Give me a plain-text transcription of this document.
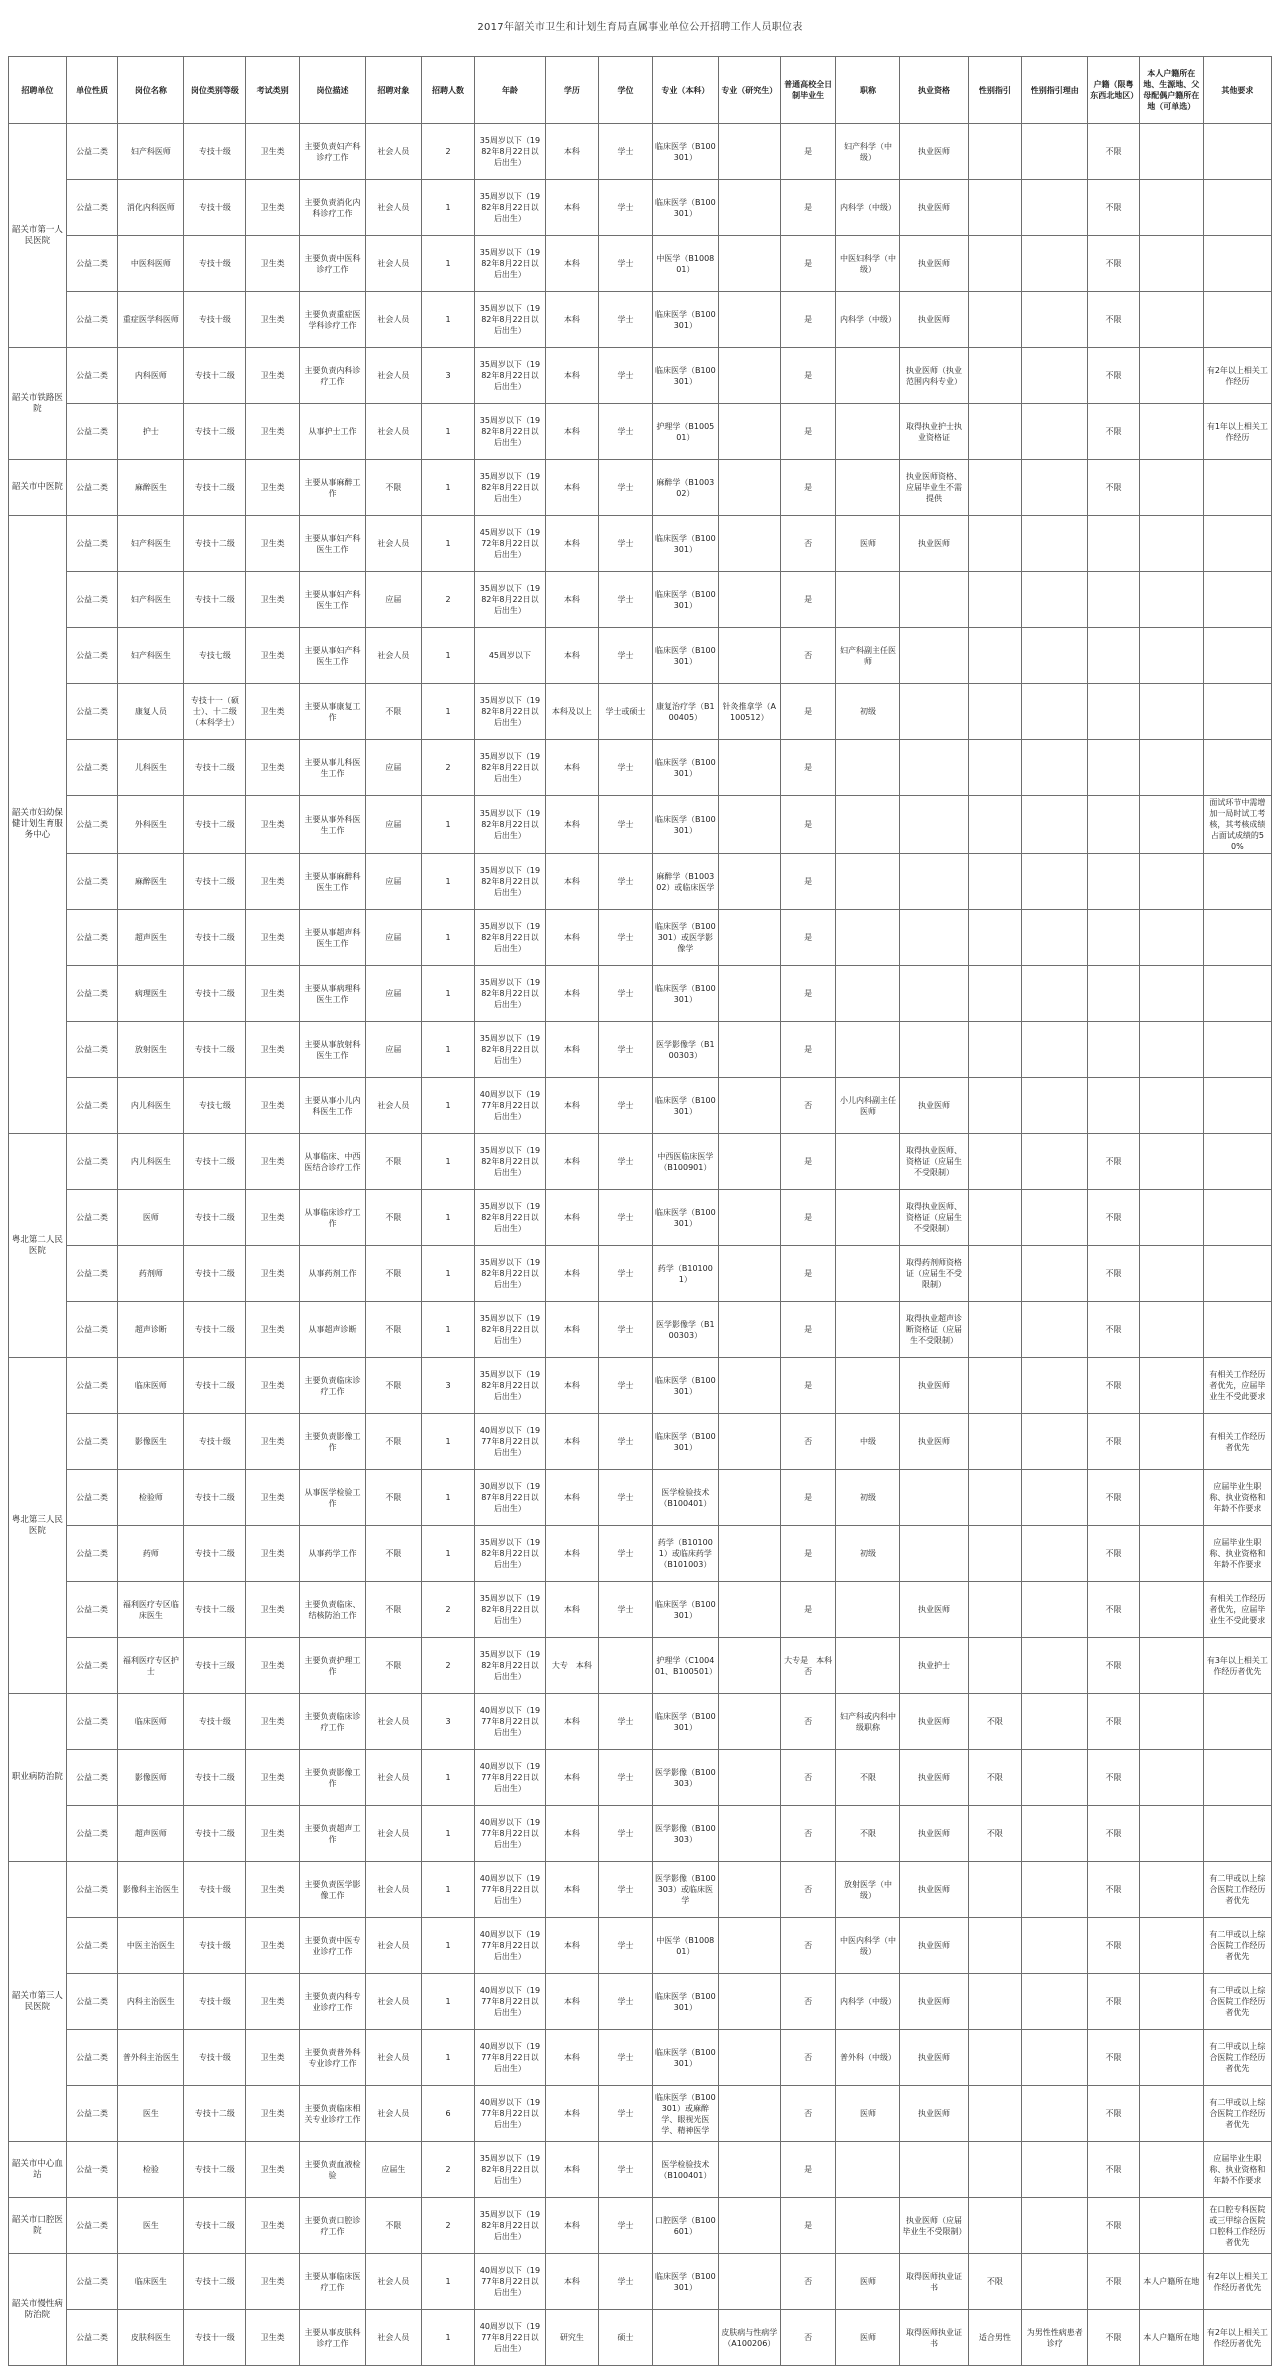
2017年韶关市卫生和计划生育局直属事业单位公开招聘工作人员职位表
招聘单位	单位性质	岗位名称	岗位类别等级	考试类别	岗位描述	招聘对象	招聘人数	年龄	学历	学位	专业（本科）	专业（研究生）	普通高校全日制毕业生	职称	执业资格	性别指引	性别指引理由	户籍（限粤东西北地区）	本人户籍所在地、生源地、父母配偶户籍所在地（可单选）	其他要求
韶关市第一人民医院	公益二类	妇产科医师	专技十级	卫生类	主要负责妇产科诊疗工作	社会人员	2	35周岁以下（1982年8月22日以后出生）	本科	学士	临床医学（B100301）		是	妇产科学（中级）	执业医师			不限		
	公益二类	消化内科医师	专技十级	卫生类	主要负责消化内科诊疗工作	社会人员	1	35周岁以下（1982年8月22日以后出生）	本科	学士	临床医学（B100301）		是	内科学（中级）	执业医师			不限		
	公益二类	中医科医师	专技十级	卫生类	主要负责中医科诊疗工作	社会人员	1	35周岁以下（1982年8月22日以后出生）	本科	学士	中医学（B100801）		是	中医妇科学（中级）	执业医师			不限		
	公益二类	重症医学科医师	专技十级	卫生类	主要负责重症医学科诊疗工作	社会人员	1	35周岁以下（1982年8月22日以后出生）	本科	学士	临床医学（B100301）		是	内科学（中级）	执业医师			不限		
韶关市铁路医院	公益二类	内科医师	专技十二级	卫生类	主要负责内科诊疗工作	社会人员	3	35周岁以下（1982年8月22日以后出生）	本科	学士	临床医学（B100301）		是		执业医师（执业范围内科专业）			不限		有2年以上相关工作经历
	公益二类	护士	专技十二级	卫生类	从事护士工作	社会人员	1	35周岁以下（1982年8月22日以后出生）	本科	学士	护理学（B100501）		是		取得执业护士执业资格证			不限		有1年以上相关工作经历
韶关市中医院	公益二类	麻醉医生	专技十二级	卫生类	主要从事麻醉工作	不限	1	35周岁以下（1982年8月22日以后出生）	本科	学士	麻醉学（B100302）		是		执业医师资格、应届毕业生不需提供			不限		
韶关市妇幼保健计划生育服务中心	公益二类	妇产科医生	专技十二级	卫生类	主要从事妇产科医生工作	社会人员	1	45周岁以下（1972年8月22日以后出生）	本科	学士	临床医学（B100301）		否	医师	执业医师					
	公益二类	妇产科医生	专技十二级	卫生类	主要从事妇产科医生工作	应届	2	35周岁以下（1982年8月22日以后出生）	本科	学士	临床医学（B100301）		是							
	公益二类	妇产科医生	专技七级	卫生类	主要从事妇产科医生工作	社会人员	1	45周岁以下	本科	学士	临床医学（B100301）		否	妇产科副主任医师						
	公益二类	康复人员	专技十一（硕士）、十二级（本科学士）	卫生类	主要从事康复工作	不限	1	35周岁以下（1982年8月22日以后出生）	本科及以上	学士或硕士	康复治疗学（B100405）	针灸推拿学（A100512）	是	初级						
	公益二类	儿科医生	专技十二级	卫生类	主要从事儿科医生工作	应届	2	35周岁以下（1982年8月22日以后出生）	本科	学士	临床医学（B100301）		是							
	公益二类	外科医生	专技十二级	卫生类	主要从事外科医生工作	应届	1	35周岁以下（1982年8月22日以后出生）	本科	学士	临床医学（B100301）		是							面试环节中需增加一局时试工考核，其考核成绩占面试成绩的50%
	公益二类	麻醉医生	专技十二级	卫生类	主要从事麻醉科医生工作	应届	1	35周岁以下（1982年8月22日以后出生）	本科	学士	麻醉学（B100302）或临床医学		是							
	公益二类	超声医生	专技十二级	卫生类	主要从事超声科医生工作	应届	1	35周岁以下（1982年8月22日以后出生）	本科	学士	临床医学（B100301）或医学影像学		是							
	公益二类	病理医生	专技十二级	卫生类	主要从事病理科医生工作	应届	1	35周岁以下（1982年8月22日以后出生）	本科	学士	临床医学（B100301）		是							
	公益二类	放射医生	专技十二级	卫生类	主要从事放射科医生工作	应届	1	35周岁以下（1982年8月22日以后出生）	本科	学士	医学影像学（B100303）		是							
	公益二类	内儿科医生	专技七级	卫生类	主要从事小儿内科医生工作	社会人员	1	40周岁以下（1977年8月22日以后出生）	本科	学士	临床医学（B100301）		否	小儿内科副主任医师	执业医师					
粤北第二人民医院	公益二类	内儿科医生	专技十二级	卫生类	从事临床、中西医结合诊疗工作	不限	1	35周岁以下（1982年8月22日以后出生）	本科	学士	中西医临床医学（B100901）		是		取得执业医师、资格证（应届生不受限制）			不限		
	公益二类	医师	专技十二级	卫生类	从事临床诊疗工作	不限	1	35周岁以下（1982年8月22日以后出生）	本科	学士	临床医学（B100301）		是		取得执业医师、资格证（应届生不受限制）			不限		
	公益二类	药剂师	专技十二级	卫生类	从事药剂工作	不限	1	35周岁以下（1982年8月22日以后出生）	本科	学士	药学（B101001）		是		取得药剂师资格证（应届生不受限制）			不限		
	公益二类	超声诊断	专技十二级	卫生类	从事超声诊断	不限	1	35周岁以下（1982年8月22日以后出生）	本科	学士	医学影像学（B100303）		是		取得执业超声诊断资格证（应届生不受限制）			不限		
粤北第三人民医院	公益二类	临床医师	专技十二级	卫生类	主要负责临床诊疗工作	不限	3	35周岁以下（1982年8月22日以后出生）	本科	学士	临床医学（B100301）		是		执业医师			不限		有相关工作经历者优先，应届毕业生不受此要求
	公益二类	影像医生	专技十级	卫生类	主要负责影像工作	不限	1	40周岁以下（1977年8月22日以后出生）	本科	学士	临床医学（B100301）		否	中级	执业医师			不限		有相关工作经历者优先
	公益二类	检验师	专技十二级	卫生类	从事医学检验工作	不限	1	30周岁以下（1987年8月22日以后出生）	本科	学士	医学检验技术（B100401）		是	初级				不限		应届毕业生职称、执业资格和年龄不作要求
	公益二类	药师	专技十二级	卫生类	从事药学工作	不限	1	35周岁以下（1982年8月22日以后出生）	本科	学士	药学（B101001）或临床药学（B101003）		是	初级				不限		应届毕业生职称、执业资格和年龄不作要求
	公益二类	福利医疗专区临床医生	专技十二级	卫生类	主要负责临床、结核防治工作	不限	2	35周岁以下（1982年8月22日以后出生）	本科	学士	临床医学（B100301）		是		执业医师			不限		有相关工作经历者优先，应届毕业生不受此要求
	公益二类	福利医疗专区护士	专技十三级	卫生类	主要负责护理工作	不限	2	35周岁以下（1982年8月22日以后出生）	大专　本科		护理学（C100401、B100501）		大专是　本科否		执业护士			不限		有3年以上相关工作经历者优先
职业病防治院	公益二类	临床医师	专技十级	卫生类	主要负责临床诊疗工作	社会人员	3	40周岁以下（1977年8月22日以后出生）	本科	学士	临床医学（B100301）		否	妇产科或内科中级职称	执业医师	不限		不限		
	公益二类	影像医师	专技十二级	卫生类	主要负责影像工作	社会人员	1	40周岁以下（1977年8月22日以后出生）	本科	学士	医学影像（B100303）		否	不限	执业医师	不限		不限		
	公益二类	超声医师	专技十二级	卫生类	主要负责超声工作	社会人员	1	40周岁以下（1977年8月22日以后出生）	本科	学士	医学影像（B100303）		否	不限	执业医师	不限		不限		
韶关市第三人民医院	公益二类	影像科主治医生	专技十级	卫生类	主要负责医学影像工作	社会人员	1	40周岁以下（1977年8月22日以后出生）	本科	学士	医学影像（B100303）或临床医学		否	放射医学（中级）	执业医师			不限		有二甲或以上综合医院工作经历者优先
	公益二类	中医主治医生	专技十级	卫生类	主要负责中医专业诊疗工作	社会人员	1	40周岁以下（1977年8月22日以后出生）	本科	学士	中医学（B100801）		否	中医内科学（中级）	执业医师			不限		有二甲或以上综合医院工作经历者优先
	公益二类	内科主治医生	专技十级	卫生类	主要负责内科专业诊疗工作	社会人员	1	40周岁以下（1977年8月22日以后出生）	本科	学士	临床医学（B100301）		否	内科学（中级）	执业医师			不限		有二甲或以上综合医院工作经历者优先
	公益二类	普外科主治医生	专技十级	卫生类	主要负责普外科专业诊疗工作	社会人员	1	40周岁以下（1977年8月22日以后出生）	本科	学士	临床医学（B100301）		否	普外科（中级）	执业医师			不限		有二甲或以上综合医院工作经历者优先
	公益二类	医生	专技十二级	卫生类	主要负责临床相关专业诊疗工作	社会人员	6	40周岁以下（1977年8月22日以后出生）	本科	学士	临床医学（B100301）或麻醉学、眼视光医学、精神医学		否	医师	执业医师			不限		有二甲或以上综合医院工作经历者优先
韶关市中心血站	公益一类	检验	专技十二级	卫生类	主要负责血液检验	应届生	2	35周岁以下（1982年8月22日以后出生）	本科	学士	医学检验技术（B100401）		是					不限		应届毕业生职称、执业资格和年龄不作要求
韶关市口腔医院	公益二类	医生	专技十二级	卫生类	主要负责口腔诊疗工作	不限	2	35周岁以下（1982年8月22日以后出生）	本科	学士	口腔医学（B100601）		是		执业医师（应届毕业生不受限制）			不限		在口腔专科医院或三甲综合医院口腔科工作经历者优先
韶关市慢性病防治院	公益二类	临床医生	专技十二级	卫生类	主要从事临床医疗工作	社会人员	1	40周岁以下（1977年8月22日以后出生）	本科	学士	临床医学（B100301）		否	医师	取得医师执业证书	不限		不限	本人户籍所在地	有2年以上相关工作经历者优先
	公益二类	皮肤科医生	专技十一级	卫生类	主要从事皮肤科诊疗工作	社会人员	1	40周岁以下（1977年8月22日以后出生）	研究生	硕士		皮肤病与性病学（A100206）	否	医师	取得医师执业证书	适合男性	为男性性病患者诊疗	不限	本人户籍所在地	有2年以上相关工作经历者优先
